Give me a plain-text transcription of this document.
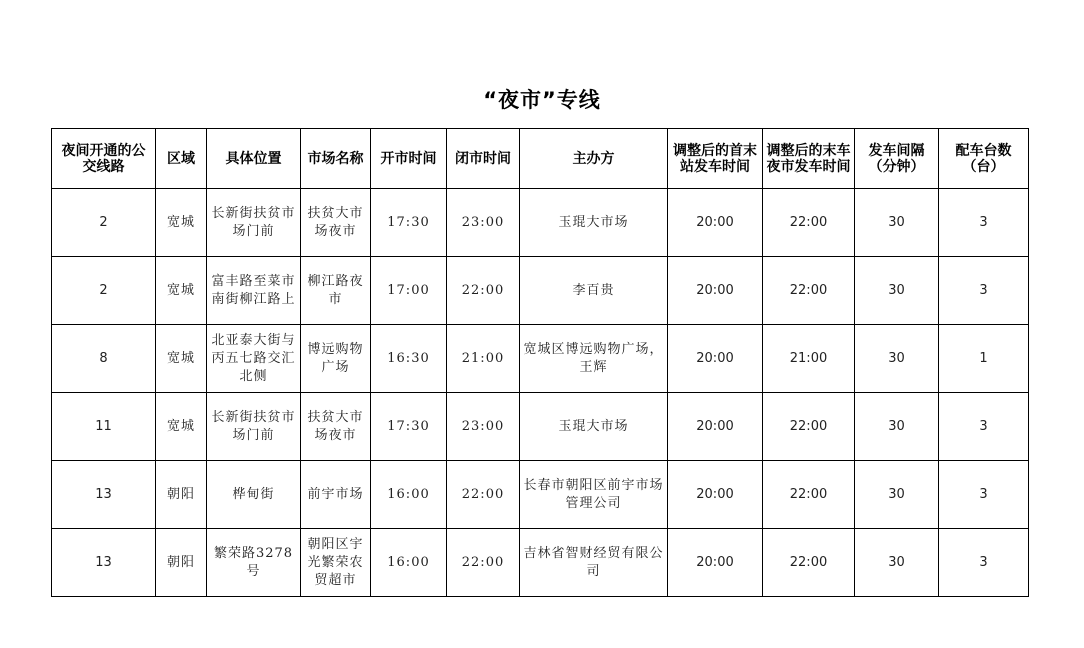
“夜市”专线
夜间开通的公交线路	区域	具体位置	市场名称	开市时间	闭市时间	主办方	调整后的首末站发车时间	调整后的末车夜市发车时间	发车间隔（分钟）	配车台数（台）
2	宽城	长新街扶贫市场门前	扶贫大市场夜市	17:30	23:00	玉琨大市场	20:00	22:00	30	3
2	宽城	富丰路至菜市南街柳江路上	柳江路夜市	17:00	22:00	李百贵	20:00	22:00	30	3
8	宽城	北亚泰大街与丙五七路交汇北侧	博远购物广场	16:30	21:00	宽城区博远购物广场，王辉	20:00	21:00	30	1
11	宽城	长新街扶贫市场门前	扶贫大市场夜市	17:30	23:00	玉琨大市场	20:00	22:00	30	3
13	朝阳	桦甸街	前宇市场	16:00	22:00	长春市朝阳区前宇市场管理公司	20:00	22:00	30	3
13	朝阳	繁荣路3278号	朝阳区宇光繁荣农贸超市	16:00	22:00	吉林省智财经贸有限公司	20:00	22:00	30	3
